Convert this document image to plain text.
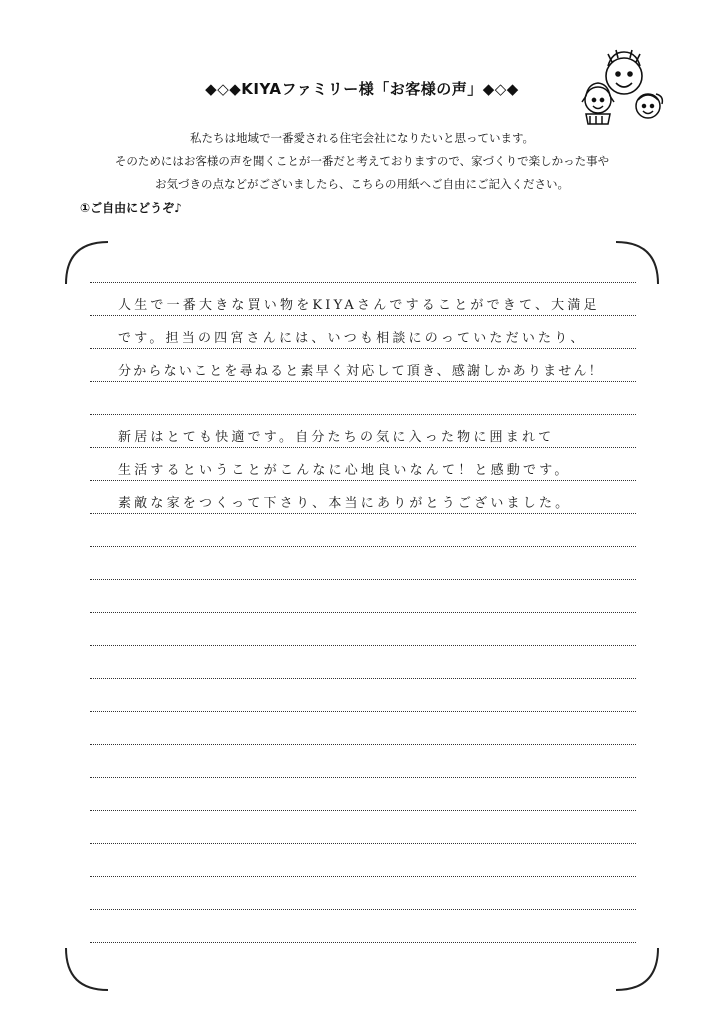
◆◇◆KIYAファミリー様「お客様の声」◆◇◆
私たちは地域で一番愛される住宅会社になりたいと思っています。
そのためにはお客様の声を聞くことが一番だと考えておりますので、家づくりで楽しかった事や
お気づきの点などがございましたら、こちらの用紙へご自由にご記入ください。
①ご自由にどうぞ♪
人生で一番大きな買い物をKIYAさんですることができて、大満足
です。担当の四宮さんには、いつも相談にのっていただいたり、
分からないことを尋ねると素早く対応して頂き、感謝しかありません！
新居はとても快適です。自分たちの気に入った物に囲まれて
生活するということがこんなに心地良いなんて！と感動です。
素敵な家をつくって下さり、本当にありがとうございました。
